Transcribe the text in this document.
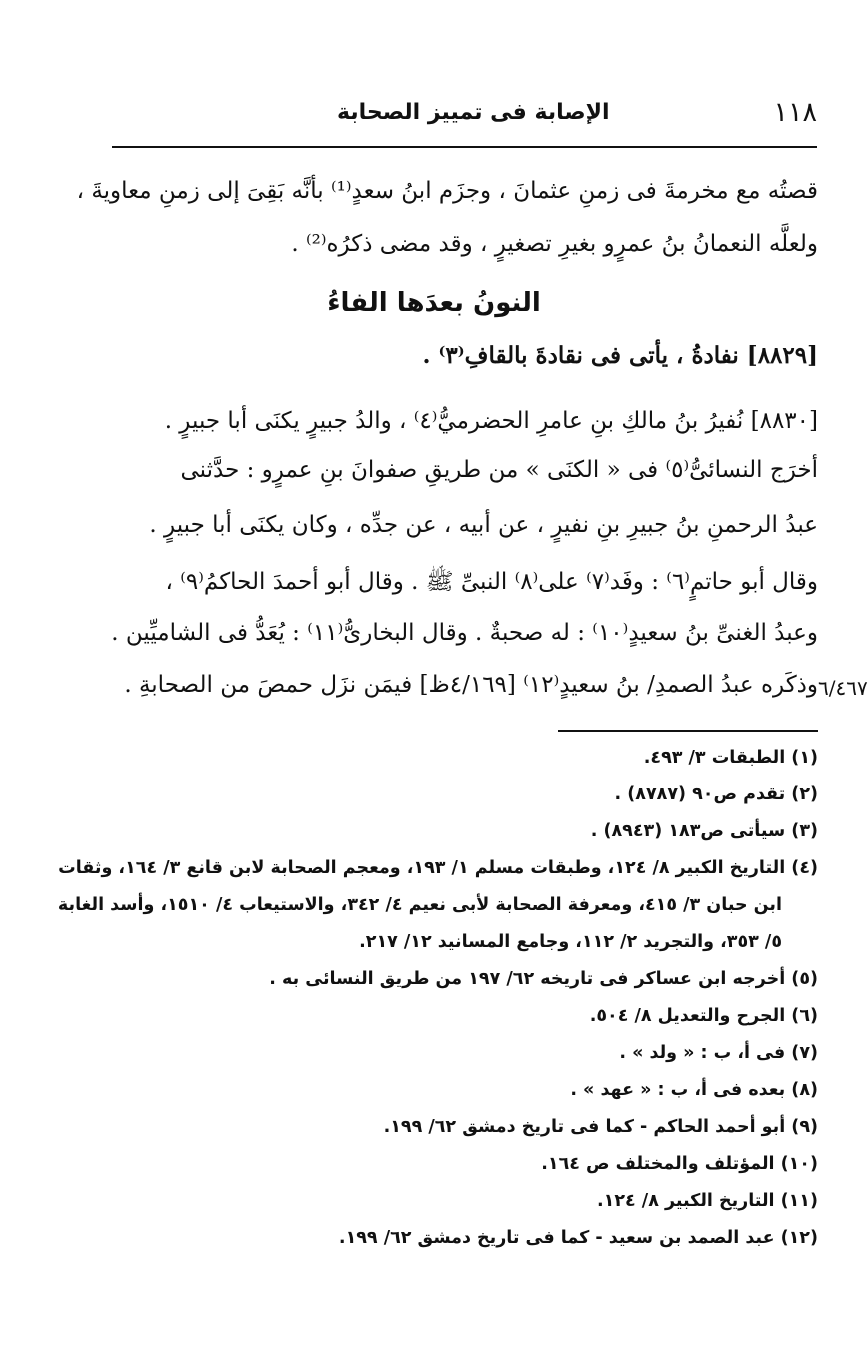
١١٨
الإصابة فى تمييز الصحابة
قصتُه مع مخرمةَ فى زمنِ عثمانَ ، وجزَم ابنُ سعدٍ⁽¹⁾ بأنَّه بَقِىَ إلى زمنِ معاويةَ ،
ولعلَّه النعمانُ بنُ عمرٍو بغيرِ تصغيرٍ ، وقد مضى ذكرُه⁽²⁾ .
[٨٨٢٩] نفادةُ ، يأتى فى نقادةَ بالقافِ⁽٣⁾ .
[٨٨٣٠] نُفيرُ بنُ مالكِ بنِ عامرِ الحضرميُّ⁽٤⁾ ، والدُ جبيرٍ يكنَى أبا جبيرٍ .
أخرَج النسائىُّ⁽٥⁾ فى « الكنَى » من طريقِ صفوانَ بنِ عمرٍو : حدَّثنى
عبدُ الرحمنِ بنُ جبيرِ بنِ نفيرٍ ، عن أبيه ، عن جدِّه ، وكان يكنَى أبا جبيرٍ .
وقال أبو حاتمٍ⁽٦⁾ : وفَد⁽٧⁾ على⁽٨⁾ النبىِّ ﷺ . وقال أبو أحمدَ الحاكمُ⁽٩⁾ ،
وعبدُ الغنىِّ بنُ سعيدٍ⁽١٠⁾ : له صحبةٌ . وقال البخارىُّ⁽١١⁾ : يُعَدُّ فى الشاميِّين .
وذكَره عبدُ الصمدِ/ بنُ سعيدٍ⁽١٢⁾ [٤/١٦٩ظ] فيمَن نزَل حمصَ من الصحابةِ .
النونُ بعدَها الفاءُ
٦/٤٦٧
(١) الطبقات ٣/ ٤٩٣.
(٢) تقدم ص٩٠ (٨٧٨٧) .
(٣) سيأتى ص١٨٣ (٨٩٤٣) .
(٤) التاريخ الكبير ٨/ ١٢٤، وطبقات مسلم ١/ ١٩٣، ومعجم الصحابة لابن قانع ٣/ ١٦٤، وثقات
ابن حبان ٣/ ٤١٥، ومعرفة الصحابة لأبى نعيم ٤/ ٣٤٢، والاستيعاب ٤/ ١٥١٠، وأسد الغابة
٥/ ٣٥٣، والتجريد ٢/ ١١٢، وجامع المسانيد ١٢/ ٢١٧.
(٥) أخرجه ابن عساكر فى تاريخه ٦٢/ ١٩٧ من طريق النسائى به .
(٦) الجرح والتعديل ٨/ ٥٠٤.
(٧) فى أ، ب : « ولد » .
(٨) بعده فى أ، ب : « عهد » .
(٩) أبو أحمد الحاكم - كما فى تاريخ دمشق ٦٢/ ١٩٩.
(١٠) المؤتلف والمختلف ص ١٦٤.
(١١) التاريخ الكبير ٨/ ١٢٤.
(١٢) عبد الصمد بن سعيد - كما فى تاريخ دمشق ٦٢/ ١٩٩.
